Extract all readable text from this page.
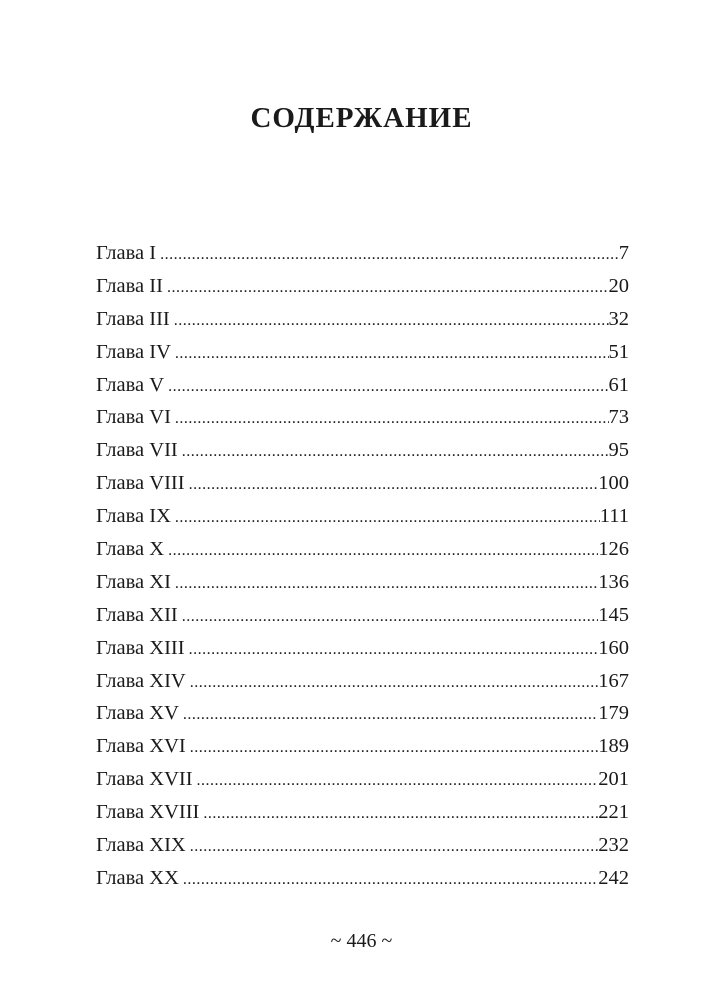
СОДЕРЖАНИЕ
Глава I .....	7
Глава II .....	20
Глава III .....	32
Глава IV .....	51
Глава V .....	61
Глава VI .....	73
Глава VII .....	95
Глава VIII .....	100
Глава IX .....	111
Глава X .....	126
Глава XI .....	136
Глава XII .....	145
Глава XIII .....	160
Глава XIV .....	167
Глава XV .....	179
Глава XVI .....	189
Глава XVII .....	201
Глава XVIII .....	221
Глава XIX .....	232
Глава XX .....	242
~ 446 ~
